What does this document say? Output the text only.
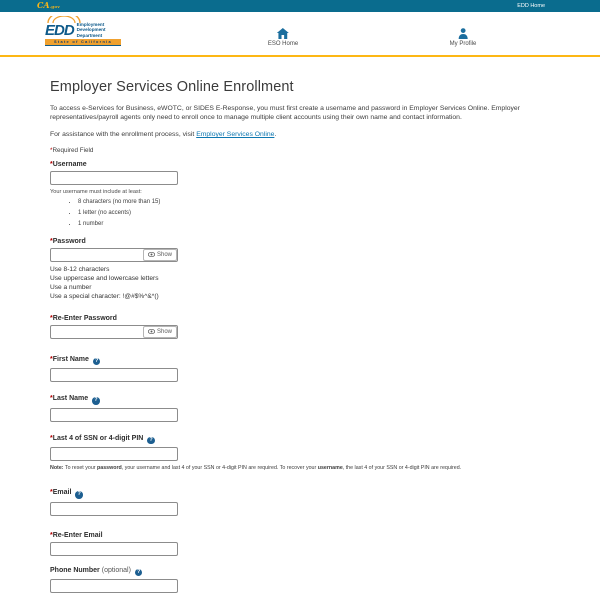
CA.gov	EDD Home
EDD Employment
Development
Department
State of California	ESO Home	My Profile
Employer Services Online Enrollment

To access e-Services for Business, eWOTC, or SIDES E-Response, you must first create a username and password in Employer Services Online. Employer representatives/payroll agents only need to enroll once to manage multiple client accounts using their own name and contact information.

For assistance with the enrollment process, visit Employer Services Online.

*Required Field

*Username

Your username must include at least:

• 8 characters (no more than 15)
• 1 letter (no accents)
• 1 number
*Password
Show

Use 8-12 characters

Use uppercase and lowercase letters

Use a number

Use a special character: !@#$%^&*()

*Re-Enter Password
Show
*First Name ?
*Last Name ?
*Last 4 of SSN or 4-digit PIN ?

Note: To reset your password, your username and last 4 of your SSN or 4-digit PIN are required. To recover your username, the last 4 of your SSN or 4-digit PIN are required.

*Email ?
*Re-Enter Email
Phone Number (optional) ?
